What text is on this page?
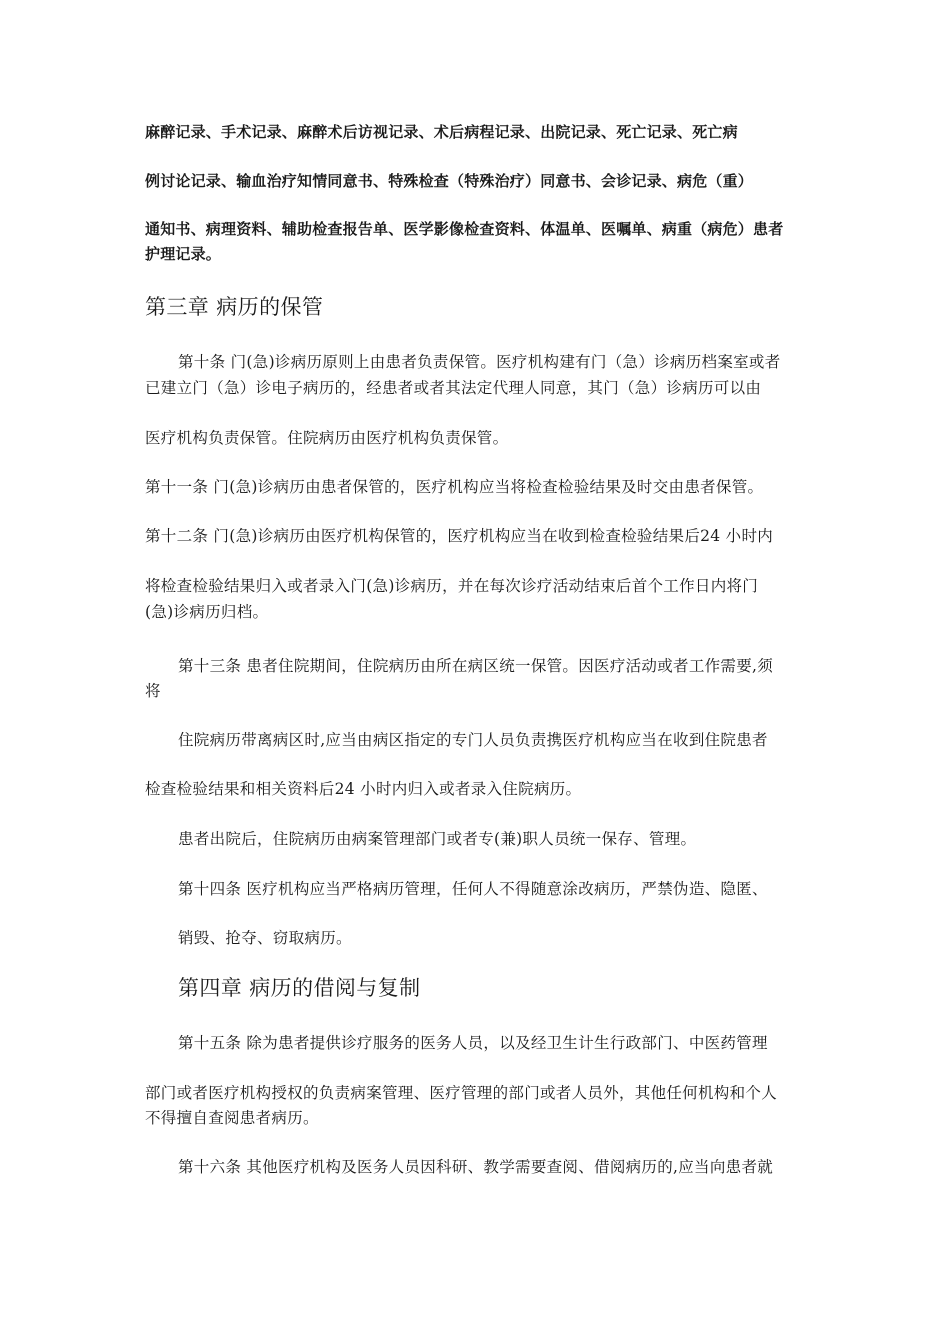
麻醉记录、手术记录、麻醉术后访视记录、术后病程记录、出院记录、死亡记录、死亡病

例讨论记录、输血治疗知情同意书、特殊检查（特殊治疗）同意书、会诊记录、病危（重）

通知书、病理资料、辅助检查报告单、医学影像检查资料、体温单、医嘱单、病重（病危）患者

护理记录。

第三章 病历的保管

第十条 门(急)诊病历原则上由患者负责保管。医疗机构建有门（急）诊病历档案室或者

已建立门（急）诊电子病历的，经患者或者其法定代理人同意，其门（急）诊病历可以由

医疗机构负责保管。住院病历由医疗机构负责保管。

第十一条 门(急)诊病历由患者保管的，医疗机构应当将检查检验结果及时交由患者保管。

第十二条 门(急)诊病历由医疗机构保管的，医疗机构应当在收到检查检验结果后24 小时内

将检查检验结果归入或者录入门(急)诊病历，并在每次诊疗活动结束后首个工作日内将门

(急)诊病历归档。

第十三条 患者住院期间，住院病历由所在病区统一保管。因医疗活动或者工作需要,须

将

住院病历带离病区时,应当由病区指定的专门人员负责携医疗机构应当在收到住院患者

检查检验结果和相关资料后24 小时内归入或者录入住院病历。

患者出院后，住院病历由病案管理部门或者专(兼)职人员统一保存、管理。

第十四条 医疗机构应当严格病历管理，任何人不得随意涂改病历，严禁伪造、隐匿、

销毁、抢夺、窃取病历。

第四章 病历的借阅与复制

第十五条 除为患者提供诊疗服务的医务人员，以及经卫生计生行政部门、中医药管理

部门或者医疗机构授权的负责病案管理、医疗管理的部门或者人员外，其他任何机构和个人

不得擅自查阅患者病历。

第十六条 其他医疗机构及医务人员因科研、教学需要查阅、借阅病历的,应当向患者就
